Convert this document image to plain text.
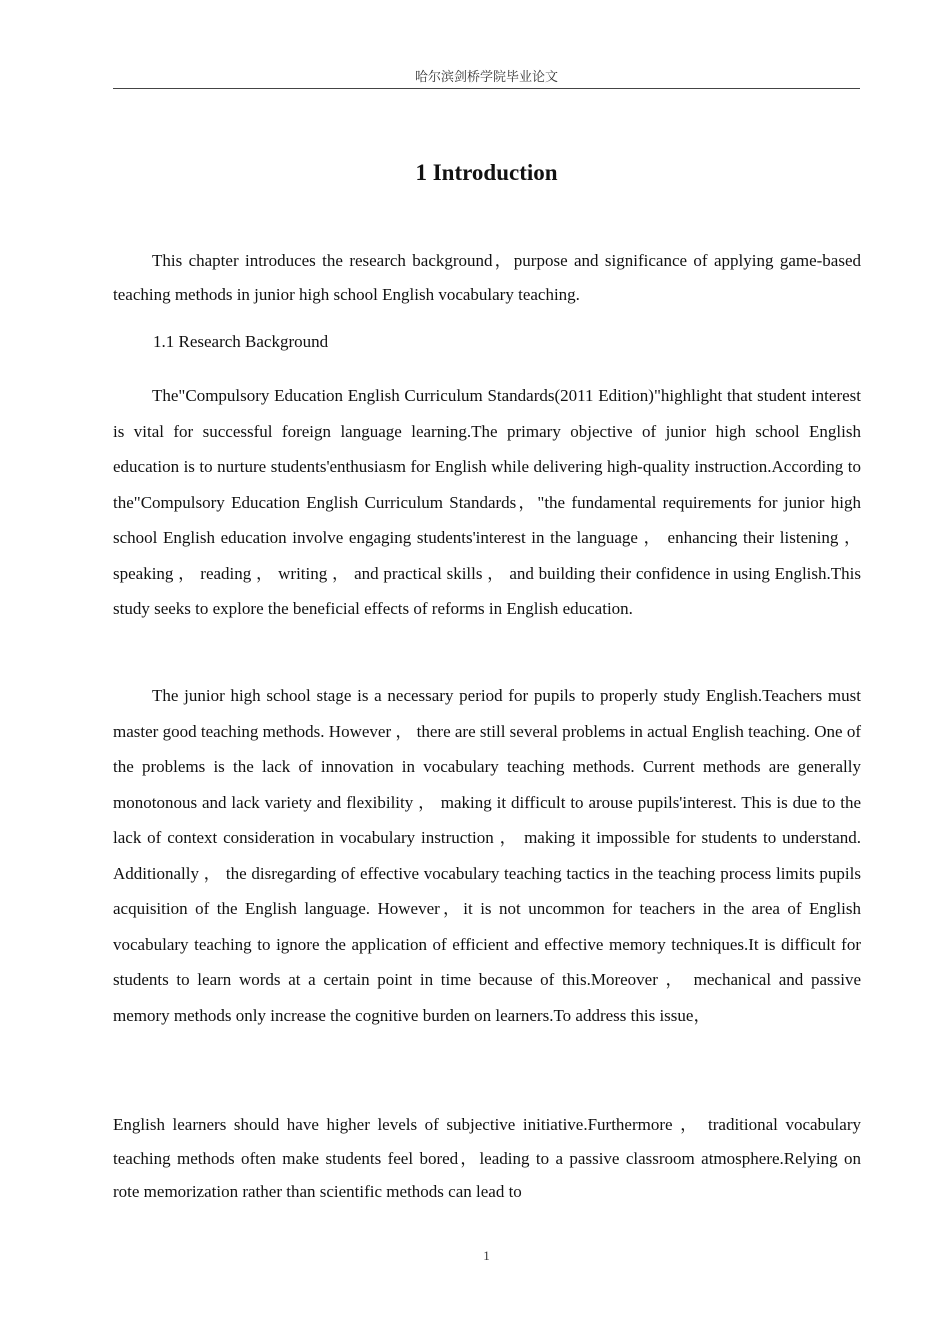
哈尔滨剑桥学院毕业论文
1 Introduction

This chapter introduces the research background，purpose and significance of applying game-based teaching methods in junior high school English vocabulary teaching.

1.1 Research Background

The"Compulsory Education English Curriculum Standards(2011 Edition)"highlight that student interest is vital for successful foreign language learning.The primary objective of junior high school English education is to nurture students'enthusiasm for English while delivering high-quality instruction.According to the"Compulsory Education English Curriculum Standards，"the fundamental requirements for junior high school English education involve engaging students'interest in the language ， enhancing their listening ， speaking ， reading ， writing ， and practical skills ， and building their confidence in using English.This study seeks to explore the beneficial effects of reforms in English education.

The junior high school stage is a necessary period for pupils to properly study English.Teachers must master good teaching methods. However ， there are still several problems in actual English teaching. One of the problems is the lack of innovation in vocabulary teaching methods. Current methods are generally monotonous and lack variety and flexibility ， making it difficult to arouse pupils'interest. This is due to the lack of context consideration in vocabulary instruction ， making it impossible for students to understand. Additionally ， the disregarding of effective vocabulary teaching tactics in the teaching process limits pupils acquisition of the English language. However，it is not uncommon for teachers in the area of English vocabulary teaching to ignore the application of efficient and effective memory techniques.It is difficult for students to learn words at a certain point in time because of this.Moreover ， mechanical and passive memory methods only increase the cognitive burden on learners.To address this issue，

English learners should have higher levels of subjective initiative.Furthermore ， traditional vocabulary teaching methods often make students feel bored，leading to a passive classroom atmosphere.Relying on rote memorization rather than scientific methods can lead to

1
